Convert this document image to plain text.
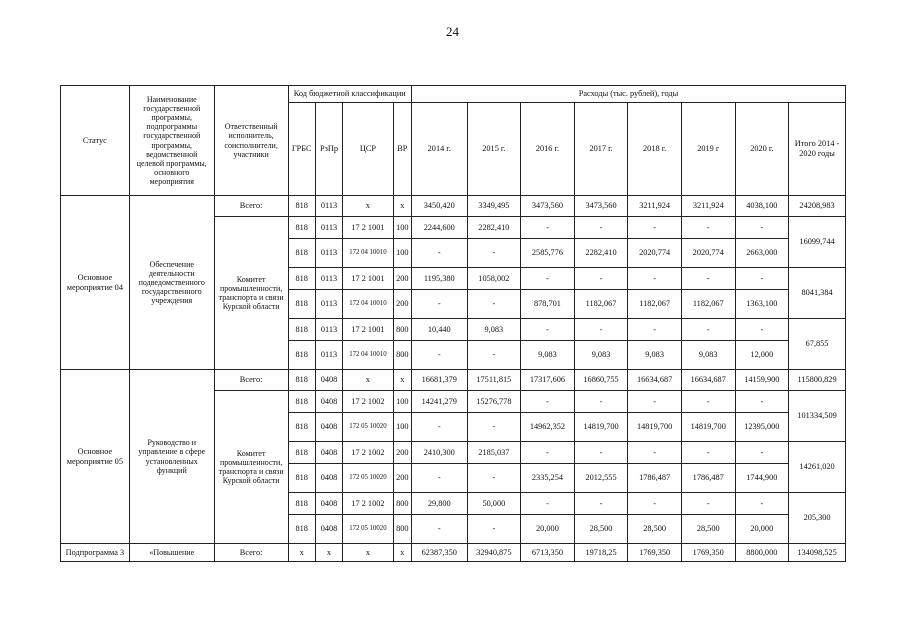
24
Статус	Наименование государственной программы, подпрограммы государственной программы, ведомственной целевой программы, основного мероприятия	Ответственный исполнитель, соисполнители, участники	Код бюджетной классификации				Расходы (тыс. рублей), годы							
			ГРБС	РзПр	ЦСР	ВР	2014 г.	2015 г.	2016 г.	2017 г.	2018 г.	2019 г	2020 г.	Итого 2014 - 2020 годы
Основное мероприятие 04	Обеспечение деятельности подведомственного государственного учреждения	Всего:	818	0113	х	х	3450,420	3349,495	3473,560	3473,560	3211,924	3211,924	4038,100	24208,983
		Комитет промышленности, транспорта и связи Курской области	818	0113	17 2 1001	100	2244,600	2282,410	-	-	-	-	-	16099,744
			818	0113	172 04 10010	100	-	-	2585,776	2282,410	2020,774	2020,774	2663,000	
			818	0113	17 2 1001	200	1195,380	1058,002	-	-	-	-	-	8041,384
			818	0113	172 04 10010	200	-	-	878,701	1182,067	1182,067	1182,067	1363,100	
			818	0113	17 2 1001	800	10,440	9,083	-	-	-	-	-	67,855
			818	0113	172 04 10010	800	-	-	9,083	9,083	9,083	9,083	12,000	
Основное мероприятие 05	Руководство и управление в сфере установленных функций	Всего:	818	0408	х	х	16681,379	17511,815	17317,606	16860,755	16634,687	16634,687	14159,900	115800,829
		Комитет промышленности, транспорта и связи Курской области	818	0408	17 2 1002	100	14241,279	15276,778	-	-	-	-	-	101334,509
			818	0408	172 05 10020	100	-	-	14962,352	14819,700	14819,700	14819,700	12395,000	
			818	0408	17 2 1002	200	2410,300	2185,037	-	-	-	-	-	14261,020
			818	0408	172 05 10020	200	-	-	2335,254	2012,555	1786,487	1786,487	1744,900	
			818	0408	17 2 1002	800	29,800	50,000	-	-	-	-	-	205,300
			818	0408	172 05 10020	800	-	-	20,000	28,500	28,500	28,500	20,000	
Подпрограмма 3	«Повышение	Всего:	х	х	х	х	62387,350	32940,875	6713,350	19718,25	1769,350	1769,350	8800,000	134098,525
